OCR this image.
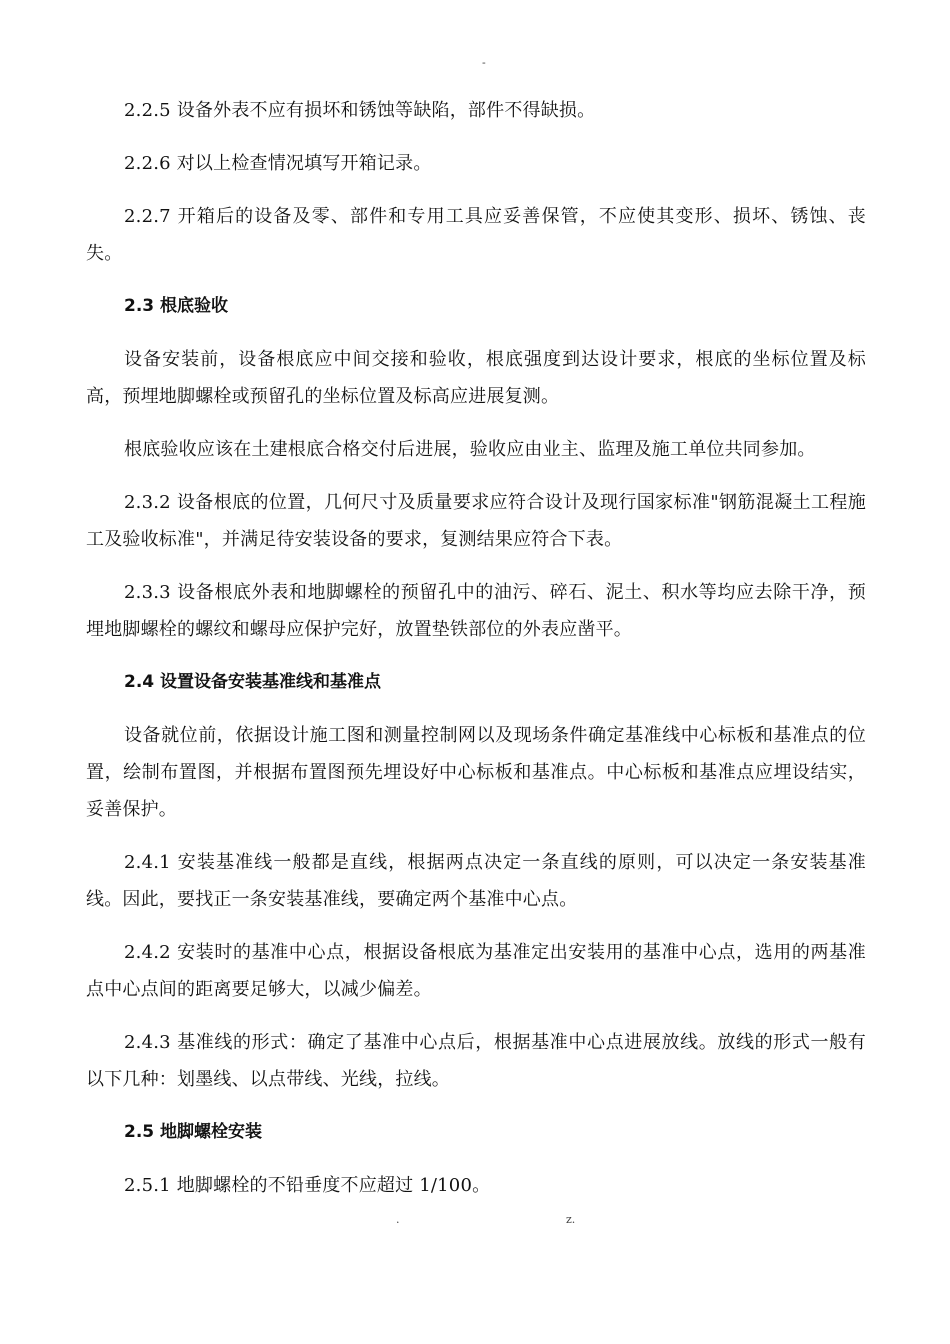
-

2.2.5 设备外表不应有损坏和锈蚀等缺陷，部件不得缺损。

2.2.6 对以上检查情况填写开箱记录。

2.2.7 开箱后的设备及零、部件和专用工具应妥善保管，不应使其变形、损坏、锈蚀、丧失。

2.3 根底验收

设备安装前，设备根底应中间交接和验收，根底强度到达设计要求，根底的坐标位置及标高，预埋地脚螺栓或预留孔的坐标位置及标高应进展复测。

根底验收应该在土建根底合格交付后进展，验收应由业主、监理及施工单位共同参加。

2.3.2 设备根底的位置，几何尺寸及质量要求应符合设计及现行国家标准"钢筋混凝土工程施工及验收标准"，并满足待安装设备的要求，复测结果应符合下表。

2.3.3 设备根底外表和地脚螺栓的预留孔中的油污、碎石、泥土、积水等均应去除干净，预埋地脚螺栓的螺纹和螺母应保护完好，放置垫铁部位的外表应凿平。

2.4 设置设备安装基准线和基准点

设备就位前，依据设计施工图和测量控制网以及现场条件确定基准线中心标板和基准点的位置，绘制布置图，并根据布置图预先埋设好中心标板和基准点。中心标板和基准点应埋设结实，妥善保护。

2.4.1 安装基准线一般都是直线，根据两点决定一条直线的原则，可以决定一条安装基准线。因此，要找正一条安装基准线，要确定两个基准中心点。

2.4.2 安装时的基准中心点，根据设备根底为基准定出安装用的基准中心点，选用的两基准点中心点间的距离要足够大，以减少偏差。

2.4.3 基准线的形式：确定了基准中心点后，根据基准中心点进展放线。放线的形式一般有以下几种：划墨线、以点带线、光线，拉线。

2.5 地脚螺栓安装

2.5.1 地脚螺栓的不铅垂度不应超过 1/100。

.	z.
